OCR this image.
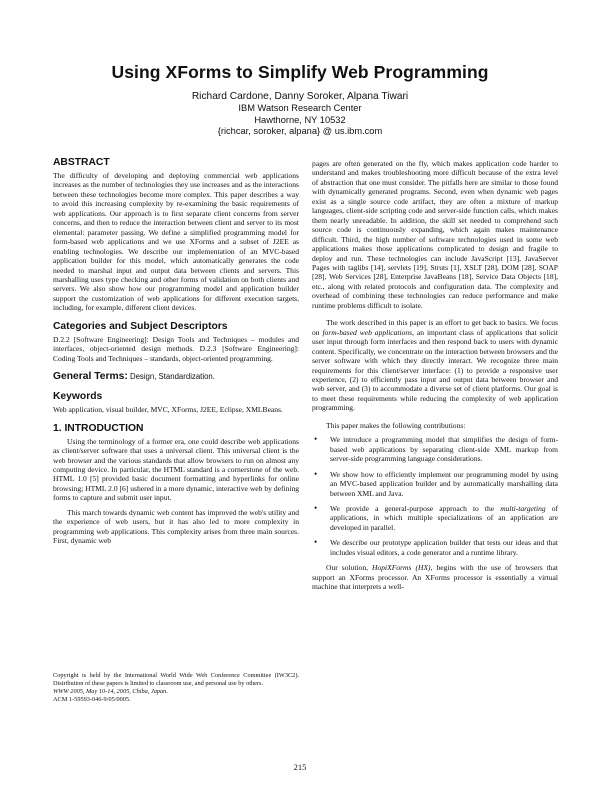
Using XForms to Simplify Web Programming
Richard Cardone, Danny Soroker, Alpana Tiwari
IBM Watson Research Center
Hawthorne, NY 10532
{richcar, soroker, alpana} @ us.ibm.com
ABSTRACT

The difficulty of developing and deploying commercial web applications increases as the number of technologies they use increases and as the interactions between these technologies become more complex. This paper describes a way to avoid this increasing complexity by re-examining the basic requirements of web applications. Our approach is to first separate client concerns from server concerns, and then to reduce the interaction between client and server to its most elemental: parameter passing. We define a simplified programming model for form-based web applications and we use XForms and a subset of J2EE as enabling technologies. We describe our implementation of an MVC-based application builder for this model, which automatically generates the code needed to marshal input and output data between clients and servers. This marshalling uses type checking and other forms of validation on both clients and servers. We also show how our programming model and application builder support the customization of web applications for different execution targets, including, for example, different client devices.

Categories and Subject Descriptors

D.2.2 [Software Engineering]: Design Tools and Techniques – modules and interfaces, object-oriented design methods. D.2.3 [Software Engineering]: Coding Tools and Techniques – standards, object-oriented programming.

General Terms: Design, Standardization.
Keywords

Web application, visual builder, MVC, XForms, J2EE, Eclipse, XMLBeans.

1. INTRODUCTION

Using the terminology of a former era, one could describe web applications as client/server software that uses a universal client. This universal client is the web browser and the various standards that allow browsers to run on almost any computing device. In particular, the HTML standard is a cornerstone of the web. HTML 1.0 [5] provided basic document formatting and hyperlinks for online browsing; HTML 2.0 [6] ushered in a more dynamic, interactive web by defining forms to capture and submit user input.

This march towards dynamic web content has improved the web's utility and the experience of web users, but it has also led to more complexity in programming web applications. This complexity arises from three main sources. First, dynamic web

Copyright is held by the International World Wide Web Conference Committee (IW3C2). Distribution of these papers is limited to classroom use, and personal use by others.

WWW 2005, May 10-14, 2005, Chiba, Japan.

ACM 1-59593-046-9/05/0005.

pages are often generated on the fly, which makes application code harder to understand and makes troubleshooting more difficult because of the extra level of abstraction that one must consider. The pitfalls here are similar to those found with dynamically generated programs. Second, even when dynamic web pages exist as a single source code artifact, they are often a mixture of markup languages, client-side scripting code and server-side function calls, which makes them nearly unreadable. In addition, the skill set needed to comprehend such source code is continuously expanding, which again makes maintenance difficult. Third, the high number of software technologies used in some web applications makes those applications complicated to design and fragile to deploy and run. These technologies can include JavaScript [13], JavaServer Pages with taglibs [14], servlets [19], Struts [1], XSLT [28], DOM [28], SOAP [28], Web Services [28], Enterprise JavaBeans [18], Service Data Objects [18], etc., along with related protocols and configuration data. The complexity and overhead of combining these technologies can reduce performance and make runtime problems difficult to isolate.

The work described in this paper is an effort to get back to basics. We focus on form-based web applications, an important class of applications that solicit user input through form interfaces and then respond back to users with dynamic content. Specifically, we concentrate on the interaction between browsers and the server software with which they directly interact. We recognize three main requirements for this client/server interface: (1) to provide a responsive user experience, (2) to efficiently pass input and output data between browser and web server, and (3) to accommodate a diverse set of client platforms. Our goal is to meet these requirements while reducing the complexity of web application programming.

This paper makes the following contributions:

• We introduce a programming model that simplifies the design of form-based web applications by separating client-side XML markup from server-side programming language considerations.
• We show how to efficiently implement our programming model by using an MVC-based application builder and by automatically marshalling data between XML and Java.
• We provide a general-purpose approach to the multi-targeting of applications, in which multiple specializations of an application are developed in parallel.
• We describe our prototype application builder that tests our ideas and that includes visual editors, a code generator and a runtime library.

Our solution, HopiXForms (HX), begins with the use of browsers that support an XForms processor. An XForms processor is essentially a virtual machine that interprets a well-

215
